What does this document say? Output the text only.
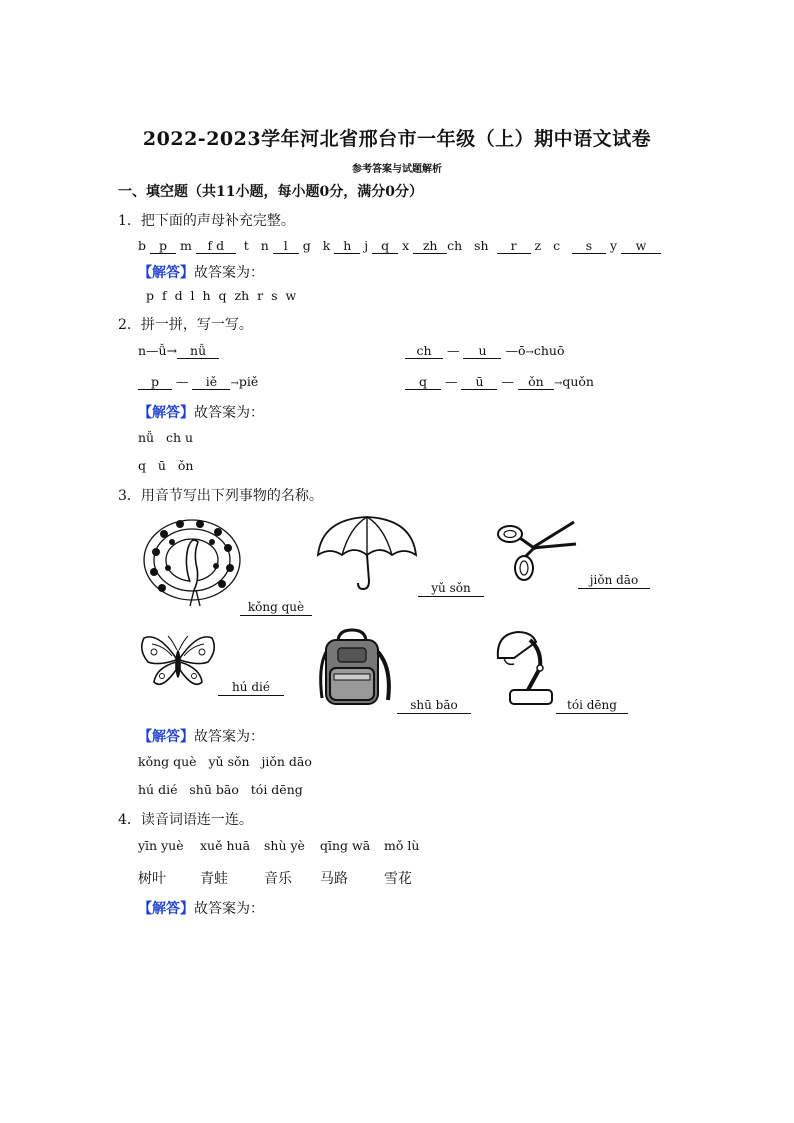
2022-2023学年河北省邢台市一年级（上）期中语文试卷
参考答案与试题解析
一、填空题（共11小题，每小题0分，满分0分）
1．把下面的声母补充完整。
b p m f d t n l g k h j q x zh ch sh r z c s y w
【解答】故答案为：
p f d l h q zh r s w
2．拼一拼，写一写。
n—ǚ→ nǚ	ch — u —ō→chuō
p — iě →piě	q — ū — ǒn →quǒn
【解答】故答案为：
nǚ   ch u
q   ū   ǒn
3．用音节写出下列事物的名称。
kǒng què
yǔ sǒn
jiǒn dāo
hú dié
shū bāo	tói dēng
【解答】故答案为：
kǒng què   yǔ sǒn   jiǒn dāo
hú dié   shū bāo   tói dēng
4．读音词语连一连。
yīn yuè xuě huā shù yè qīng wā mǒ lù
树叶 青蛙	音乐 马路	雪花
【解答】故答案为：
